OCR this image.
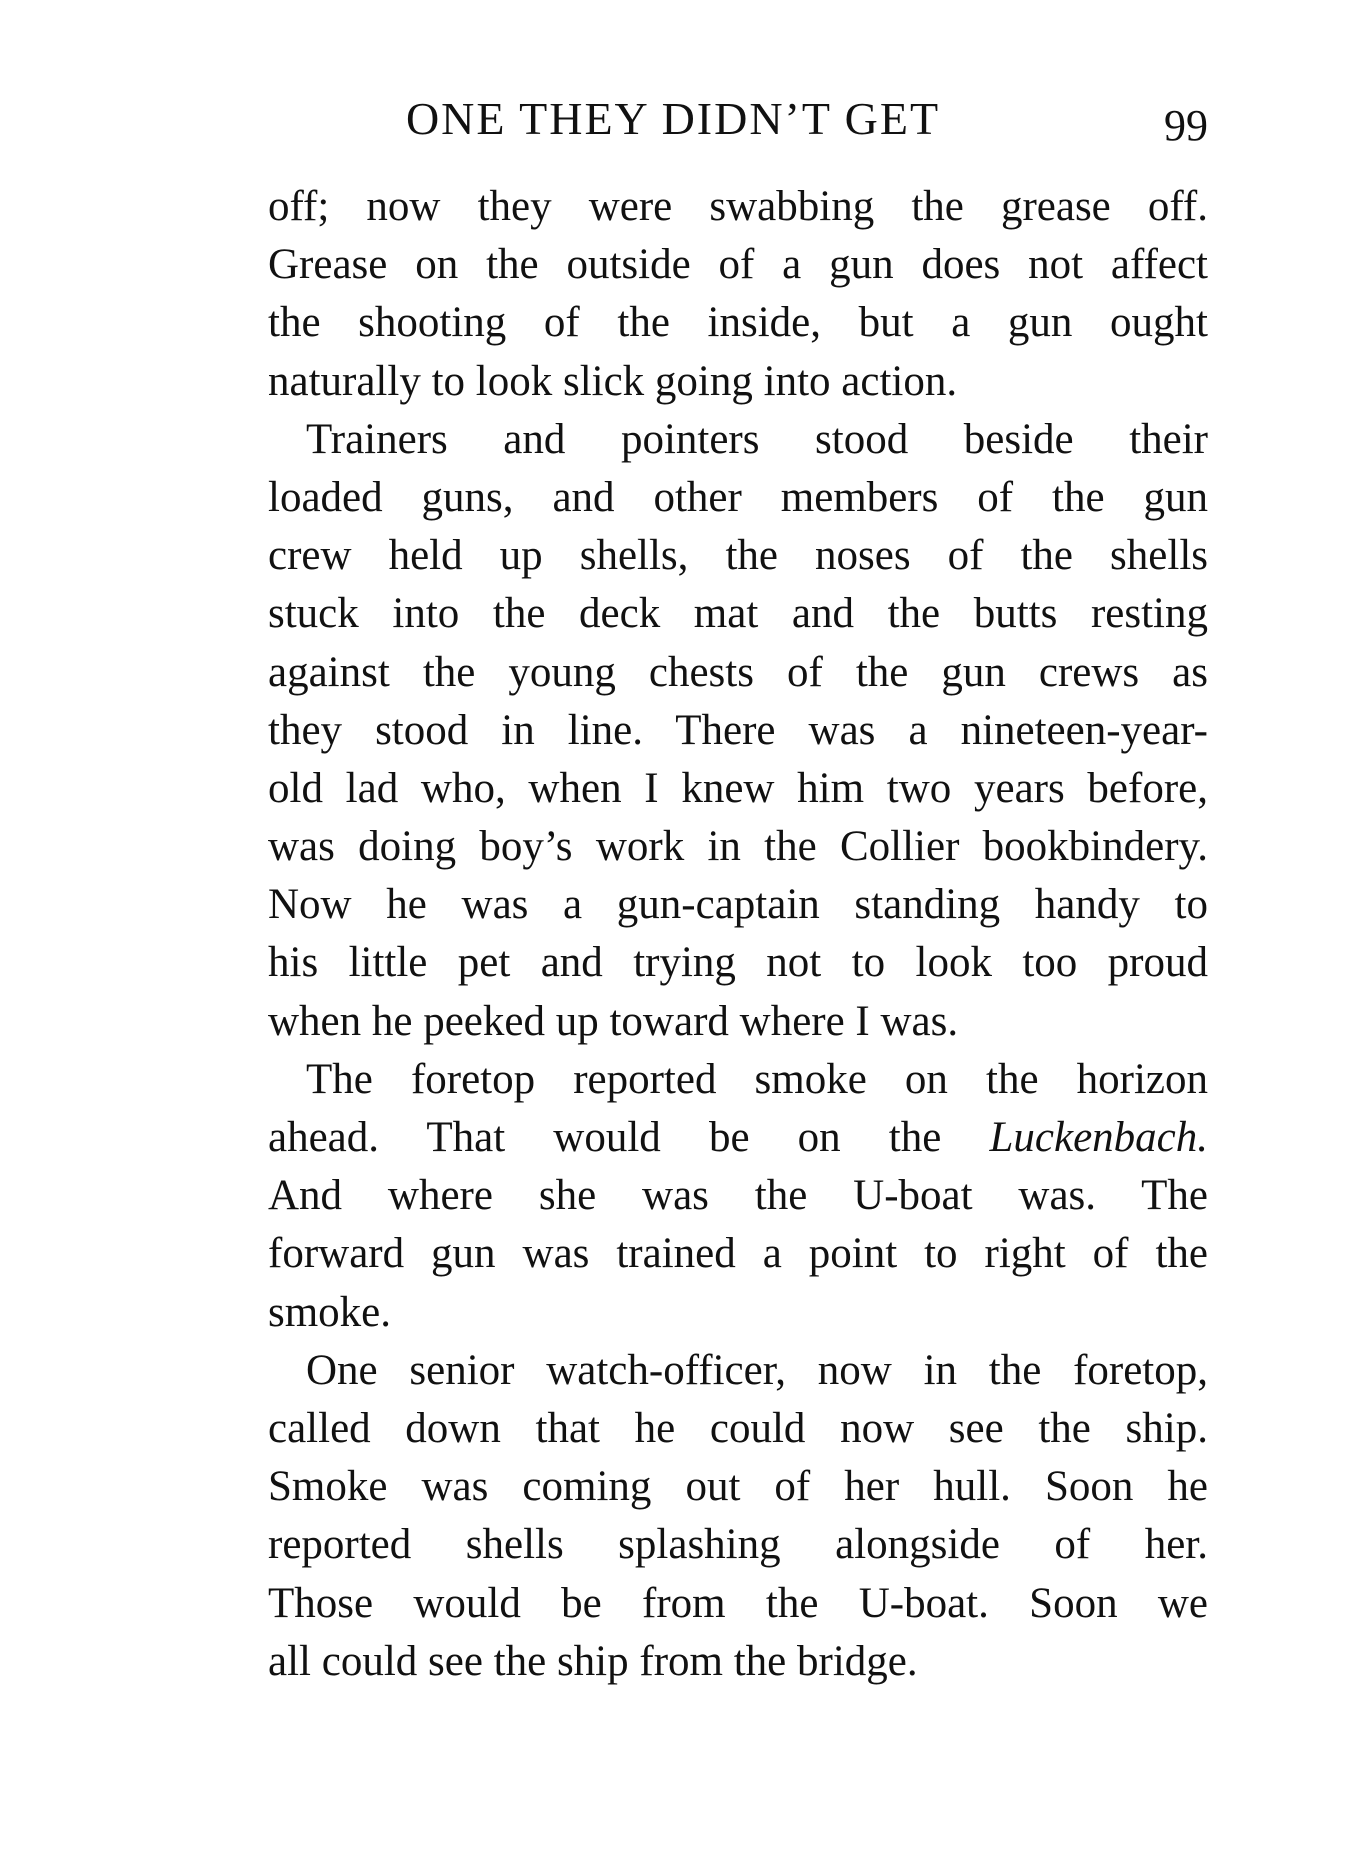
ONE THEY DIDN’T GET	99
off; now they were swabbing the grease off.
Grease on the outside of a gun does not affect
the shooting of the inside, but a gun ought
naturally to look slick going into action.
Trainers and pointers stood beside their
loaded guns, and other members of the gun
crew held up shells, the noses of the shells
stuck into the deck mat and the butts resting
against the young chests of the gun crews as
they stood in line. There was a nineteen-year-
old lad who, when I knew him two years before,
was doing boy’s work in the Collier bookbindery.
Now he was a gun-captain standing handy to
his little pet and trying not to look too proud
when he peeked up toward where I was.
The foretop reported smoke on the horizon
ahead. That would be on the Luckenbach.
And where she was the U-boat was. The
forward gun was trained a point to right of the
smoke.
One senior watch-officer, now in the foretop,
called down that he could now see the ship.
Smoke was coming out of her hull. Soon he
reported shells splashing alongside of her.
Those would be from the U-boat. Soon we
all could see the ship from the bridge.
